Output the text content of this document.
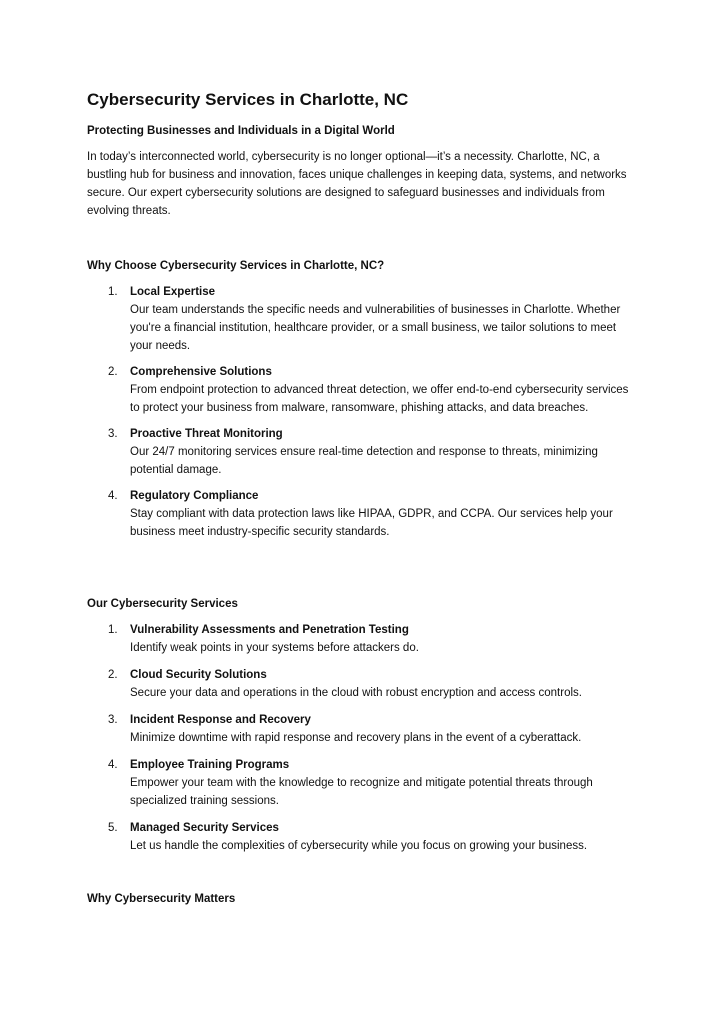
Cybersecurity Services in Charlotte, NC

Protecting Businesses and Individuals in a Digital World

In today’s interconnected world, cybersecurity is no longer optional—it’s a necessity. Charlotte, NC, a bustling hub for business and innovation, faces unique challenges in keeping data, systems, and networks secure. Our expert cybersecurity solutions are designed to safeguard businesses and individuals from evolving threats.

Why Choose Cybersecurity Services in Charlotte, NC?
1. Local Expertise
Our team understands the specific needs and vulnerabilities of businesses in Charlotte. Whether you're a financial institution, healthcare provider, or a small business, we tailor solutions to meet your needs.
2. Comprehensive Solutions
From endpoint protection to advanced threat detection, we offer end-to-end cybersecurity services to protect your business from malware, ransomware, phishing attacks, and data breaches.
3. Proactive Threat Monitoring
Our 24/7 monitoring services ensure real-time detection and response to threats, minimizing potential damage.
4. Regulatory Compliance
Stay compliant with data protection laws like HIPAA, GDPR, and CCPA. Our services help your business meet industry-specific security standards.
Our Cybersecurity Services
1. Vulnerability Assessments and Penetration Testing
Identify weak points in your systems before attackers do.
2. Cloud Security Solutions
Secure your data and operations in the cloud with robust encryption and access controls.
3. Incident Response and Recovery
Minimize downtime with rapid response and recovery plans in the event of a cyberattack.
4. Employee Training Programs
Empower your team with the knowledge to recognize and mitigate potential threats through specialized training sessions.
5. Managed Security Services
Let us handle the complexities of cybersecurity while you focus on growing your business.
Why Cybersecurity Matters
